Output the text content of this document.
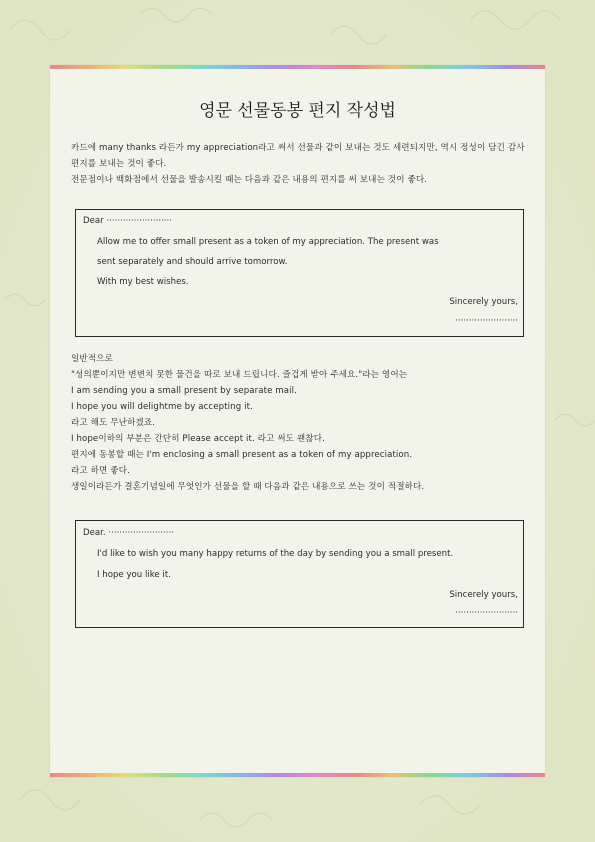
영문 선물동봉 편지 작성법
카드에 many thanks 라든가 my appreciation라고 써서 선물과 같이 보내는 것도 세련되지만, 역시 정성이 담긴 감사 편지를 보내는 것이 좋다.
전문점이나 백화점에서 선물을 발송시킬 때는 다음과 같은 내용의 편지를 써 보내는 것이 좋다.
Dear ························
Allow me to offer small present as a token of my appreciation. The present was
sent separately and should arrive tomorrow.
With my best wishes.
Sincerely yours,
·······················
일반적으로
"성의뿐이지만 변변치 못한 물건을 따로 보내 드립니다. 즐겁게 받아 주세요."라는 영어는
I am sending you a small present by separate mail.
I hope you will delightme by accepting it.
라고 해도 무난하겠죠.
I hope이하의 부분은 간단히 Please accept it. 라고 써도 괜찮다.
편지에 동봉할 때는 I'm enclosing a small present as a token of my appreciation.
라고 하면 좋다.
생일이라든가 결혼기념일에 무엇인가 선물을 할 때 다음과 같은 내용으로 쓰는 것이 적절하다.
Dear. ························
I'd like to wish you many happy returns of the day by sending you a small present.
I hope you like it.
Sincerely yours,
·······················
